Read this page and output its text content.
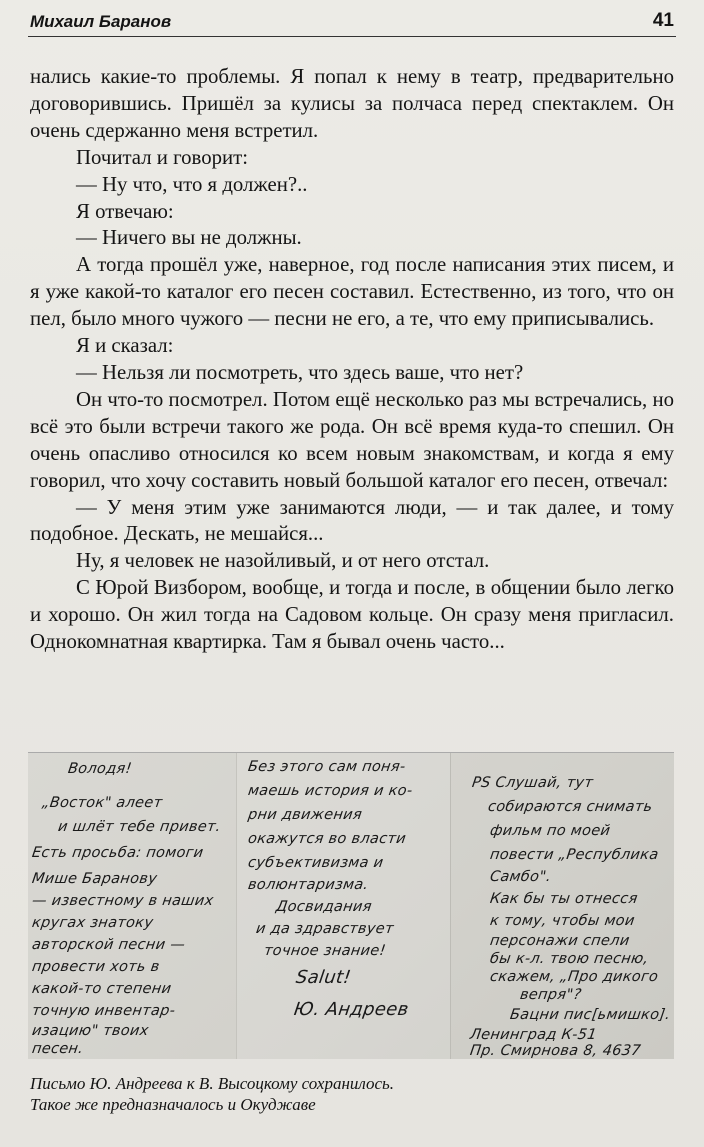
Михаил Баранов	41

нались какие-то проблемы. Я попал к нему в театр, предварительно договорившись. Пришёл за кулисы за полчаса перед спектаклем. Он очень сдержанно меня встретил.

Почитал и говорит:

— Ну что, что я должен?..

Я отвечаю:

— Ничего вы не должны.

А тогда прошёл уже, наверное, год после написания этих писем, и я уже какой-то каталог его песен составил. Естественно, из того, что он пел, было много чужого — песни не его, а те, что ему приписывались.

Я и сказал:

— Нельзя ли посмотреть, что здесь ваше, что нет?

Он что-то посмотрел. Потом ещё несколько раз мы встречались, но всё это были встречи такого же рода. Он всё время куда-то спешил. Он очень опасливо относился ко всем новым знакомствам, и когда я ему говорил, что хочу составить новый большой каталог его песен, отвечал:

— У меня этим уже занимаются люди, — и так далее, и тому подобное. Дескать, не мешайся...

Ну, я человек не назойливый, и от него отстал.

С Юрой Визбором, вообще, и тогда и после, в общении было легко и хорошо. Он жил тогда на Садовом кольце. Он сразу меня пригласил. Однокомнатная квартирка. Там я бывал очень часто...

Володя!
„Восток" алеет
и шлёт тебе привет.
Есть просьба: помоги
Мише Баранову
— известному в наших
кругах знатоку
авторской песни —
провести хоть в
какой-то степени
точную инвентар-
изацию" твоих
песен.
Без этого сам поня-
маешь история и ко-
рни движения
окажутся во власти
субъективизма и
волюнтаризма.
Досвидания
и да здравствует
точное знание!
Salut!
Ю. Андреев
PS Слушай, тут
собираются снимать
фильм по моей
повести „Республика
Самбо".
Как бы ты отнесся
к тому, чтобы мои
персонажи спели
бы к-л. твою песню,
скажем, „Про дикого
вепря"?
Бацни пис[ьмишко].
Ленинград К-51
Пр. Смирнова 8, 4637
Письмо Ю. Андреева к В. Высоцкому сохранилось.
Такое же предназначалось и Окуджаве
